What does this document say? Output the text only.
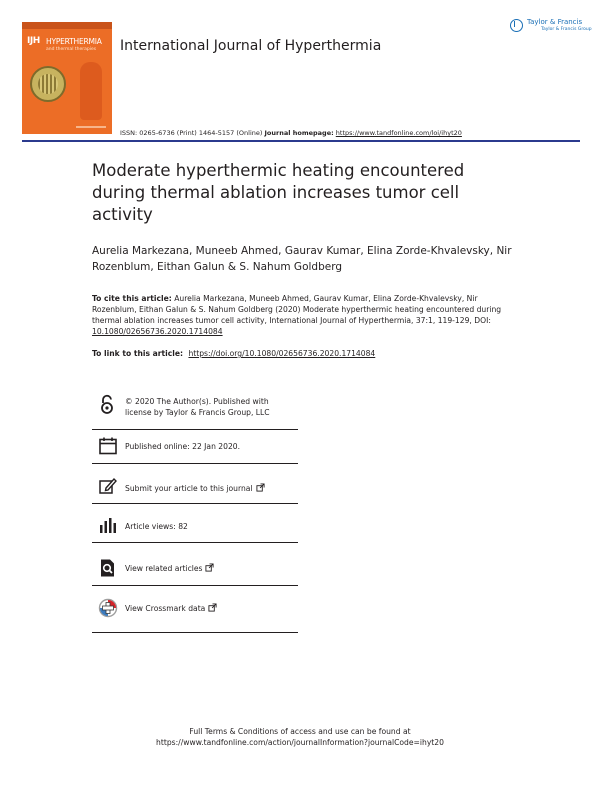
IJH HYPERTHERMIA
and thermal therapies International Journal of Hyperthermia
Taylor & Francis
Taylor & Francis Group
ISSN: 0265-6736 (Print) 1464-5157 (Online) Journal homepage: https://www.tandfonline.com/loi/ihyt20
Moderate hyperthermic heating encountered during thermal ablation increases tumor cell activity
Aurelia Markezana, Muneeb Ahmed, Gaurav Kumar, Elina Zorde-Khvalevsky, Nir Rozenblum, Eithan Galun & S. Nahum Goldberg
To cite this article: Aurelia Markezana, Muneeb Ahmed, Gaurav Kumar, Elina Zorde-Khvalevsky, Nir Rozenblum, Eithan Galun & S. Nahum Goldberg (2020) Moderate hyperthermic heating encountered during thermal ablation increases tumor cell activity, International Journal of Hyperthermia, 37:1, 119-129, DOI: 10.1080/02656736.2020.1714084
To link to this article: https://doi.org/10.1080/02656736.2020.1714084
© 2020 The Author(s). Published with
license by Taylor & Francis Group, LLC
Published online: 22 Jan 2020.
Submit your article to this journal
Article views: 82
View related articles
View Crossmark data
Full Terms & Conditions of access and use can be found at
https://www.tandfonline.com/action/journalInformation?journalCode=ihyt20
